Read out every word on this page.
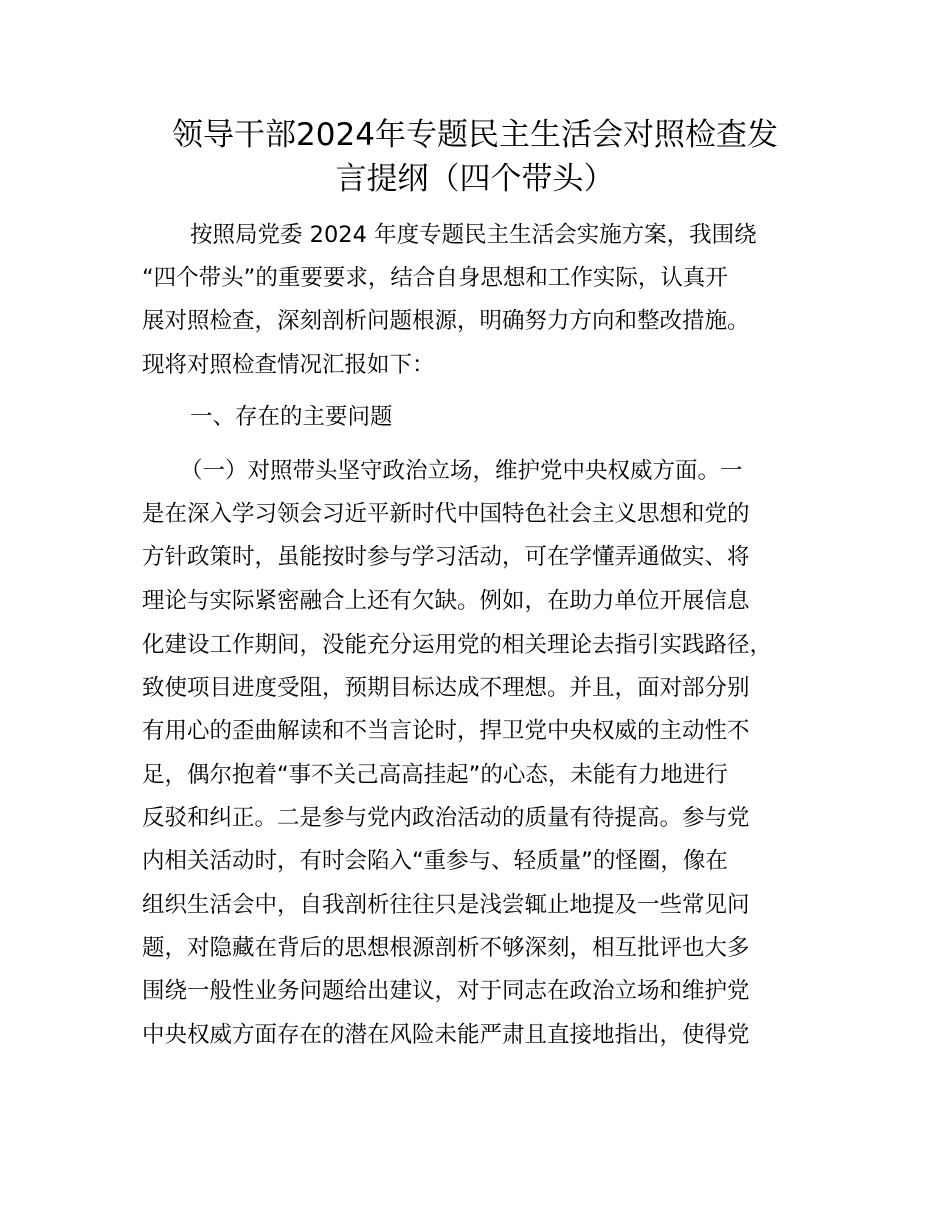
领导干部2024年专题民主生活会对照检查发
言提纲（四个带头）

按照局党委 2024 年度专题民主生活会实施方案，我围绕

“四个带头”的重要要求，结合自身思想和工作实际，认真开

展对照检查，深刻剖析问题根源，明确努力方向和整改措施。

现将对照检查情况汇报如下：

一、存在的主要问题

（一）对照带头坚守政治立场，维护党中央权威方面。一

是在深入学习领会习近平新时代中国特色社会主义思想和党的

方针政策时，虽能按时参与学习活动，可在学懂弄通做实、将

理论与实际紧密融合上还有欠缺。例如，在助力单位开展信息

化建设工作期间，没能充分运用党的相关理论去指引实践路径，

致使项目进度受阻，预期目标达成不理想。并且，面对部分别

有用心的歪曲解读和不当言论时，捍卫党中央权威的主动性不

足，偶尔抱着“事不关己高高挂起”的心态，未能有力地进行

反驳和纠正。二是参与党内政治活动的质量有待提高。参与党

内相关活动时，有时会陷入“重参与、轻质量”的怪圈，像在

组织生活会中，自我剖析往往只是浅尝辄止地提及一些常见问

题，对隐藏在背后的思想根源剖析不够深刻，相互批评也大多

围绕一般性业务问题给出建议，对于同志在政治立场和维护党

中央权威方面存在的潜在风险未能严肃且直接地指出，使得党
